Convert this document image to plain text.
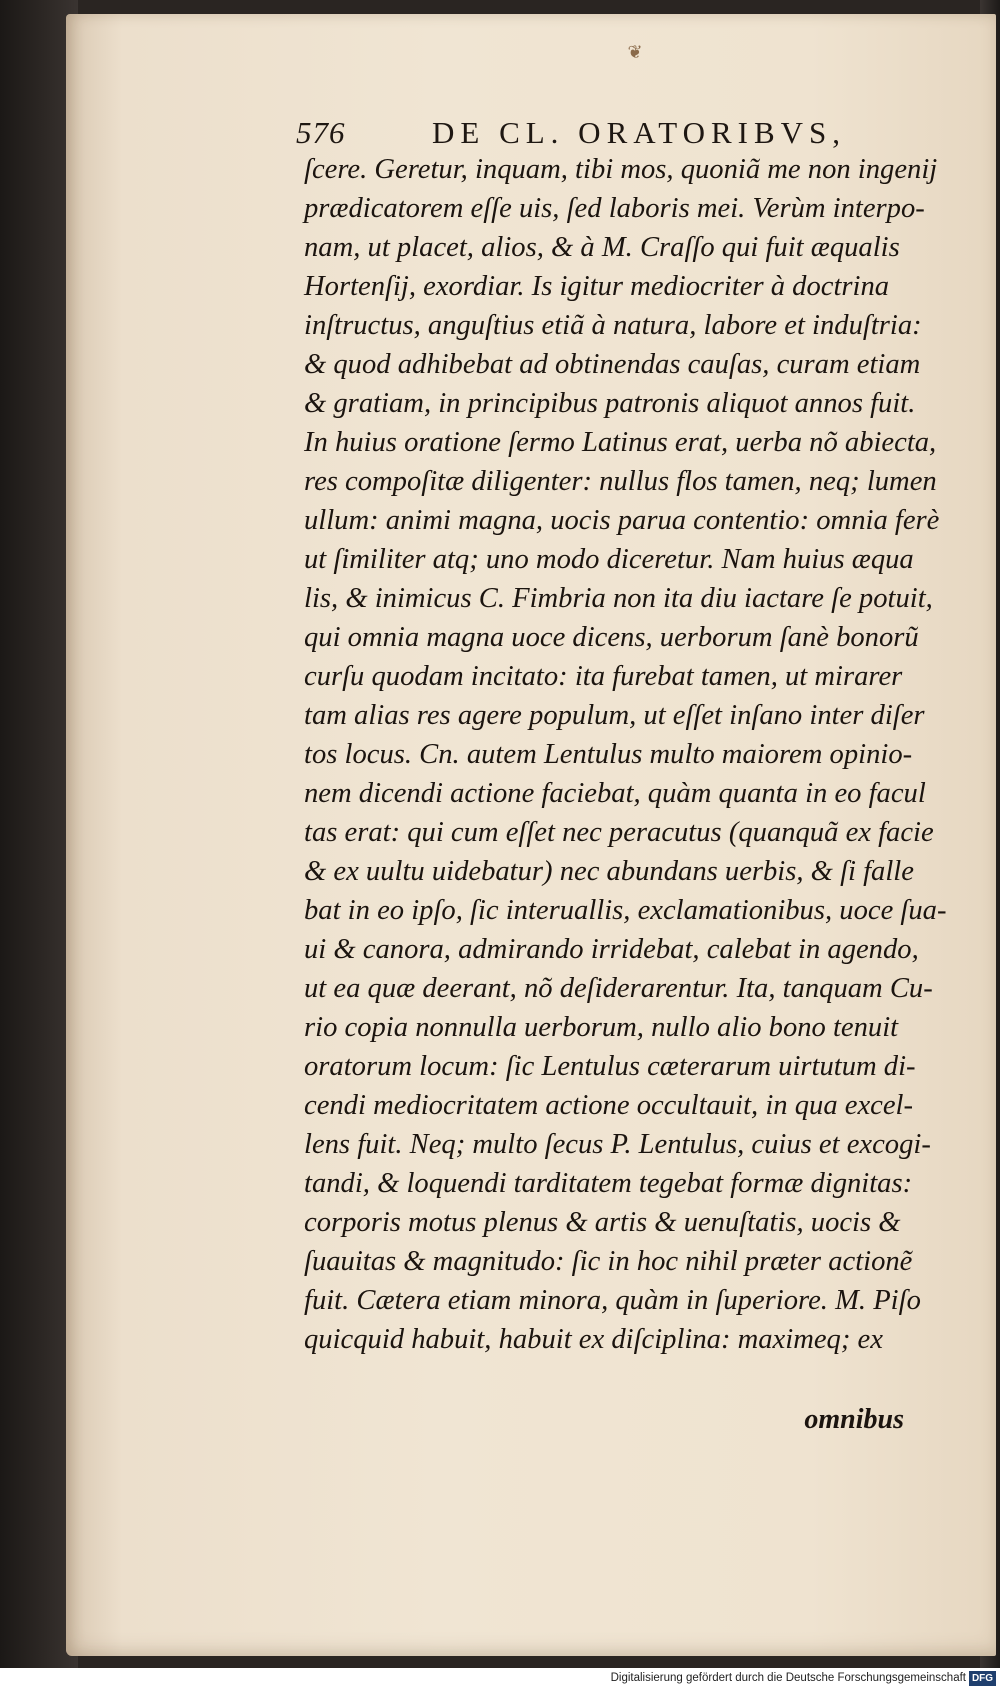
❦
576	DE CL. ORATORIBVS,
ſcere. Geretur, inquam, tibi mos, quoniã me non ingenij
prædicatorem eſſe uis, ſed laboris mei. Verùm interpo-
nam, ut placet, alios, & à M. Craſſo qui fuit æqualis
Hortenſij, exordiar. Is igitur mediocriter à doctrina
inſtructus, anguſtius etiã à natura, labore et induſtria:
& quod adhibebat ad obtinendas cauſas, curam etiam
& gratiam, in principibus patronis aliquot annos fuit.
In huius oratione ſermo Latinus erat, uerba nõ abiecta,
res compoſitæ diligenter: nullus flos tamen, neq; lumen
ullum: animi magna, uocis parua contentio: omnia ferè
ut ſimiliter atq; uno modo diceretur. Nam huius æqua
lis, & inimicus C. Fimbria non ita diu iactare ſe potuit,
qui omnia magna uoce dicens, uerborum ſanè bonorũ
curſu quodam incitato: ita furebat tamen, ut mirarer
tam alias res agere populum, ut eſſet inſano inter diſer
tos locus. Cn. autem Lentulus multo maiorem opinio-
nem dicendi actione faciebat, quàm quanta in eo facul
tas erat: qui cum eſſet nec peracutus (quanquã ex facie
& ex uultu uidebatur) nec abundans uerbis, & ſi falle
bat in eo ipſo, ſic interuallis, exclamationibus, uoce ſua-
ui & canora, admirando irridebat, calebat in agendo,
ut ea quæ deerant, nõ deſiderarentur. Ita, tanquam Cu-
rio copia nonnulla uerborum, nullo alio bono tenuit
oratorum locum: ſic Lentulus cæterarum uirtutum di-
cendi mediocritatem actione occultauit, in qua excel-
lens fuit. Neq; multo ſecus P. Lentulus, cuius et excogi-
tandi, & loquendi tarditatem tegebat formæ dignitas:
corporis motus plenus & artis & uenuſtatis, uocis &
ſuauitas & magnitudo: ſic in hoc nihil præter actionẽ
fuit. Cætera etiam minora, quàm in ſuperiore. M. Piſo
quicquid habuit, habuit ex diſciplina: maximeq; ex
omnibus
Digitalisierung gefördert durch die Deutsche Forschungsgemeinschaft DFG
